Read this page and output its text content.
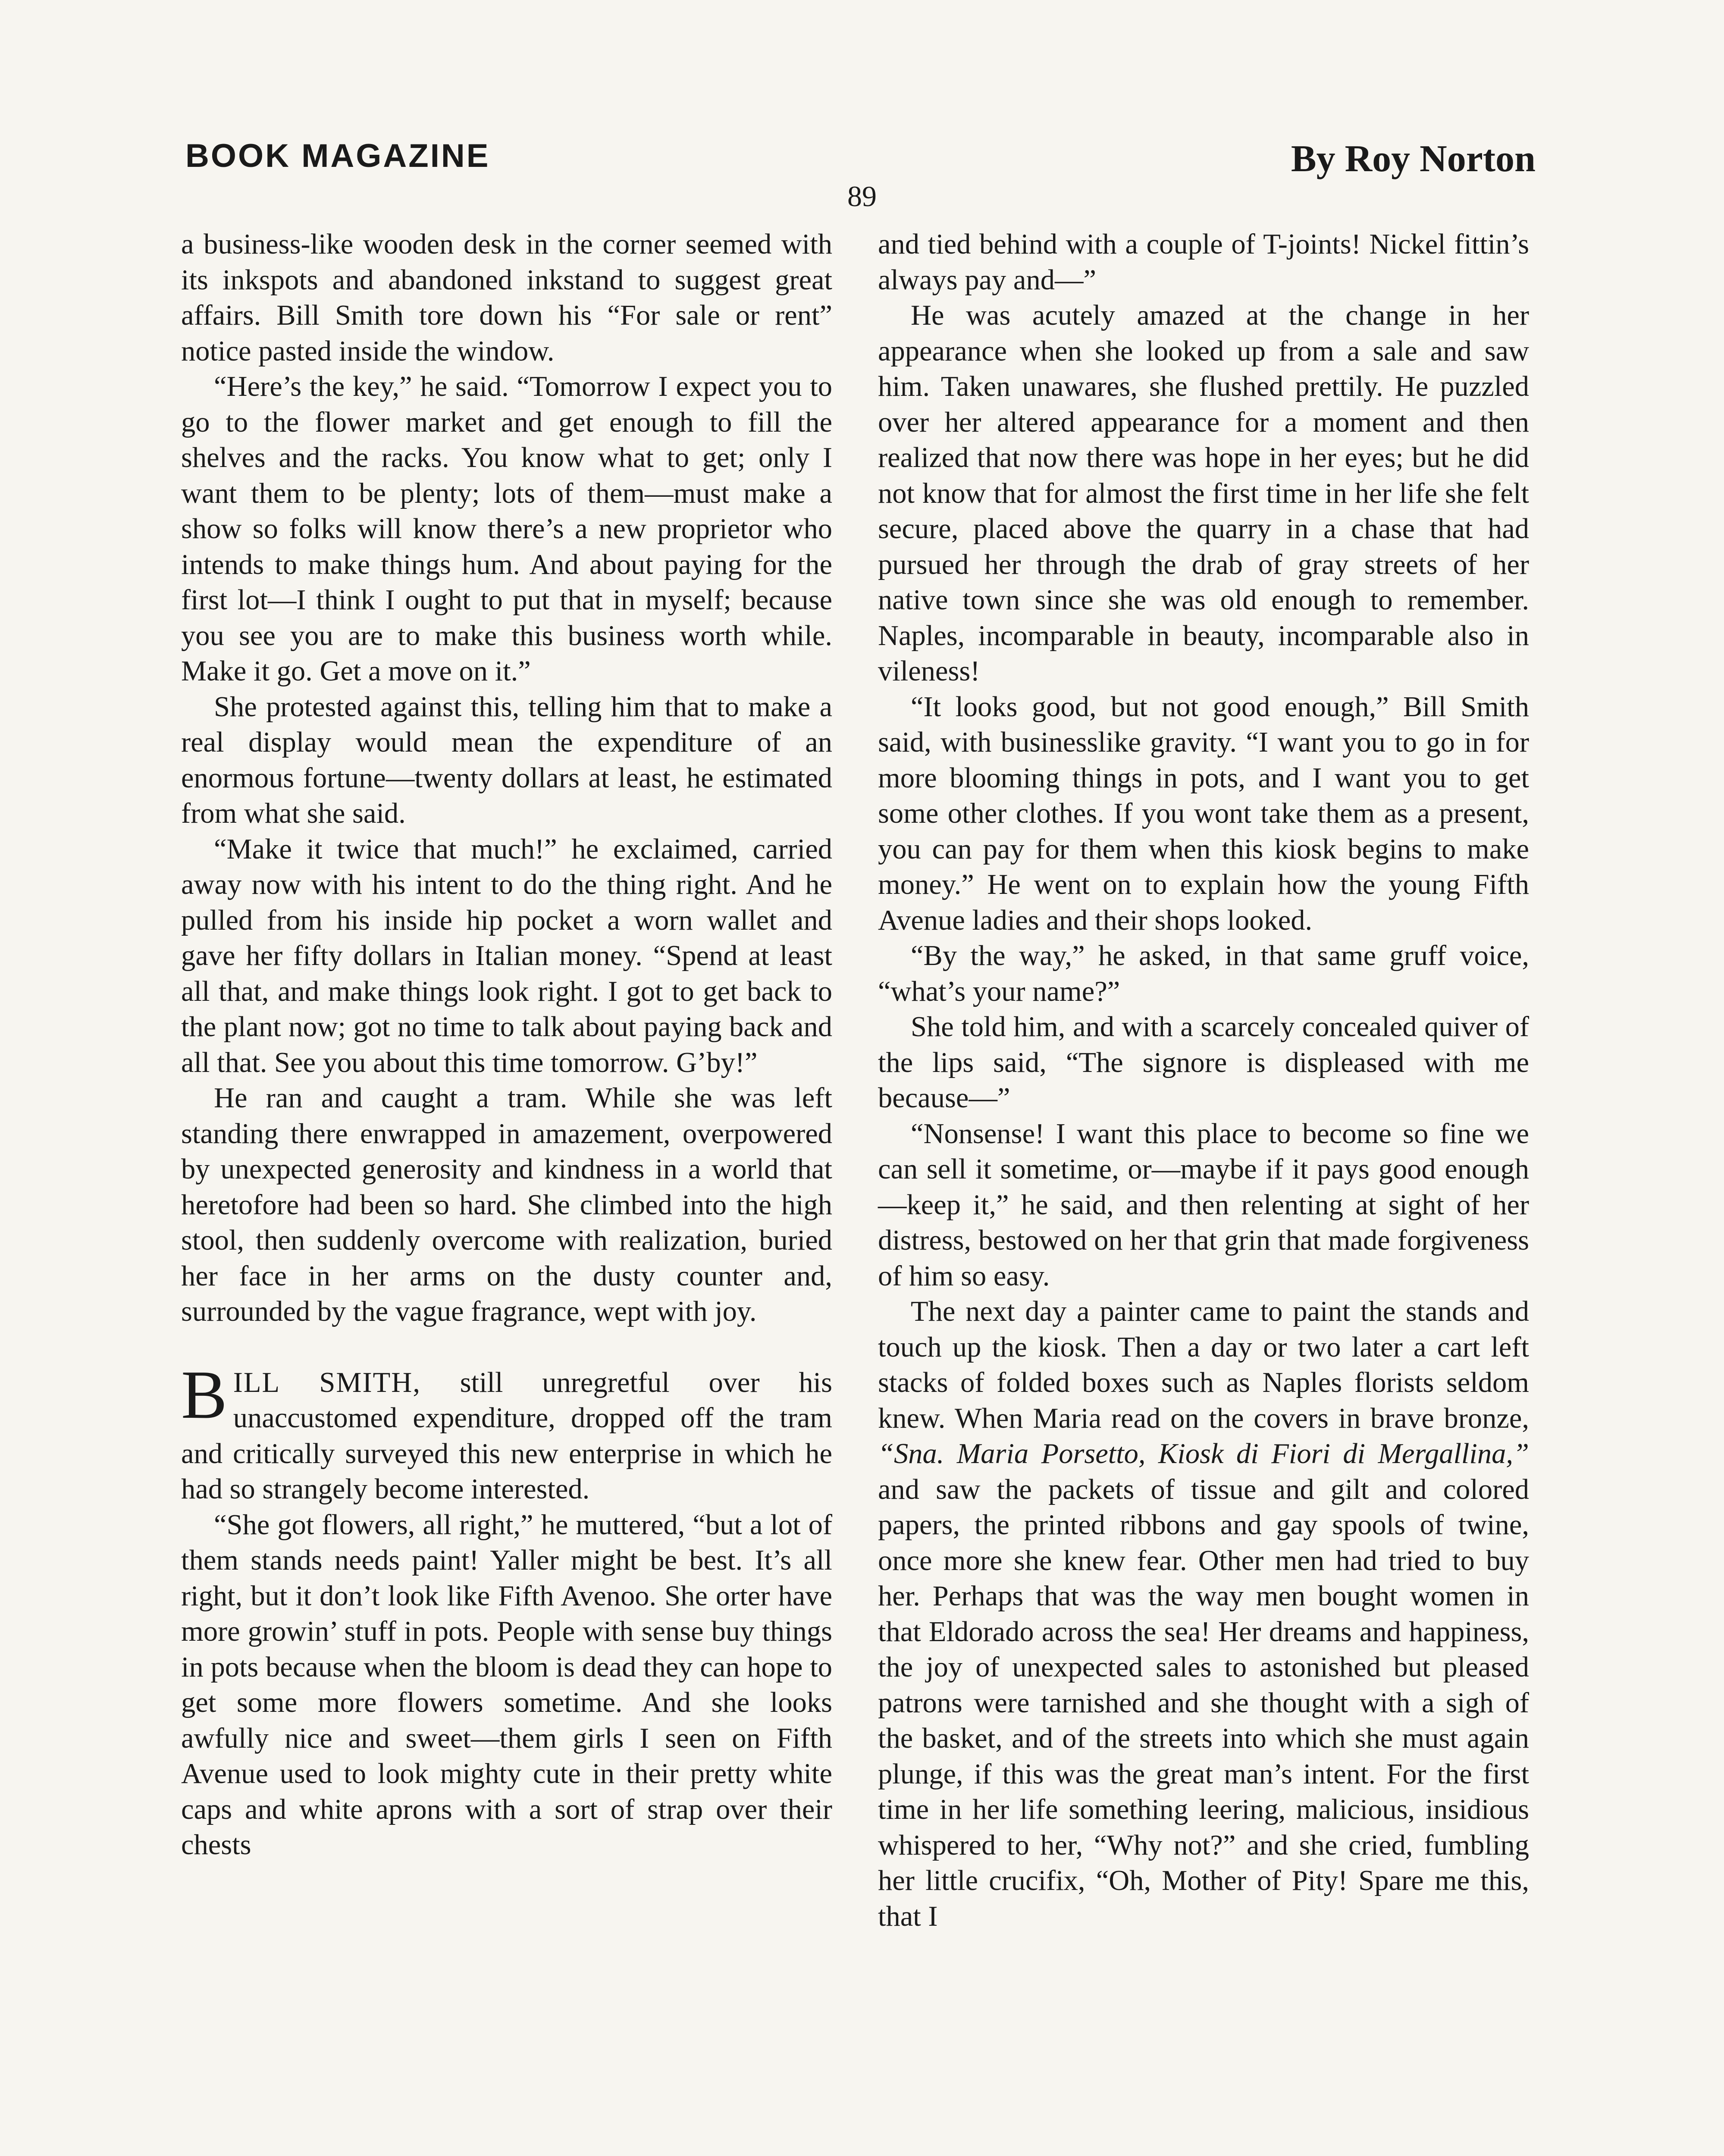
BOOK MAGAZINE	By Roy Norton
89

a business-like wooden desk in the corner seemed with its inkspots and abandoned inkstand to suggest great affairs. Bill Smith tore down his “For sale or rent” notice pasted inside the window.

“Here’s the key,” he said. “Tomorrow I expect you to go to the flower market and get enough to fill the shelves and the racks. You know what to get; only I want them to be plenty; lots of them—must make a show so folks will know there’s a new proprietor who intends to make things hum. And about paying for the first lot—I think I ought to put that in myself; because you see you are to make this business worth while. Make it go. Get a move on it.”

She protested against this, telling him that to make a real display would mean the expenditure of an enormous fortune—twenty dollars at least, he estimated from what she said.

“Make it twice that much!” he exclaimed, carried away now with his intent to do the thing right. And he pulled from his inside hip pocket a worn wallet and gave her fifty dollars in Italian money. “Spend at least all that, and make things look right. I got to get back to the plant now; got no time to talk about paying back and all that. See you about this time tomorrow. G’by!”

He ran and caught a tram. While she was left standing there enwrapped in amazement, overpowered by unexpected generosity and kindness in a world that heretofore had been so hard. She climbed into the high stool, then suddenly overcome with realization, buried her face in her arms on the dusty counter and, surrounded by the vague fragrance, wept with joy.

BILL SMITH, still unregretful over his unaccustomed expenditure, dropped off the tram and critically surveyed this new enterprise in which he had so strangely become interested.

“She got flowers, all right,” he muttered, “but a lot of them stands needs paint! Yaller might be best. It’s all right, but it don’t look like Fifth Avenoo. She orter have more growin’ stuff in pots. People with sense buy things in pots because when the bloom is dead they can hope to get some more flowers sometime. And she looks awfully nice and sweet—them girls I seen on Fifth Avenue used to look mighty cute in their pretty white caps and white aprons with a sort of strap over their chests

and tied behind with a couple of T-joints! Nickel fittin’s always pay and—”

He was acutely amazed at the change in her appearance when she looked up from a sale and saw him. Taken unawares, she flushed prettily. He puzzled over her altered appearance for a moment and then realized that now there was hope in her eyes; but he did not know that for almost the first time in her life she felt secure, placed above the quarry in a chase that had pursued her through the drab of gray streets of her native town since she was old enough to remember. Naples, incomparable in beauty, incomparable also in vileness!

“It looks good, but not good enough,” Bill Smith said, with businesslike gravity. “I want you to go in for more blooming things in pots, and I want you to get some other clothes. If you wont take them as a present, you can pay for them when this kiosk begins to make money.” He went on to explain how the young Fifth Avenue ladies and their shops looked.

“By the way,” he asked, in that same gruff voice, “what’s your name?”

She told him, and with a scarcely concealed quiver of the lips said, “The signore is displeased with me because—”

“Nonsense! I want this place to become so fine we can sell it sometime, or—maybe if it pays good enough—keep it,” he said, and then relenting at sight of her distress, bestowed on her that grin that made forgiveness of him so easy.

The next day a painter came to paint the stands and touch up the kiosk. Then a day or two later a cart left stacks of folded boxes such as Naples florists seldom knew. When Maria read on the covers in brave bronze, “Sna. Maria Porsetto, Kiosk di Fiori di Mergallina,” and saw the packets of tissue and gilt and colored papers, the printed ribbons and gay spools of twine, once more she knew fear. Other men had tried to buy her. Perhaps that was the way men bought women in that Eldorado across the sea! Her dreams and happiness, the joy of unexpected sales to astonished but pleased patrons were tarnished and she thought with a sigh of the basket, and of the streets into which she must again plunge, if this was the great man’s intent. For the first time in her life something leering, malicious, insidious whispered to her, “Why not?” and she cried, fumbling her little crucifix, “Oh, Mother of Pity! Spare me this, that I
